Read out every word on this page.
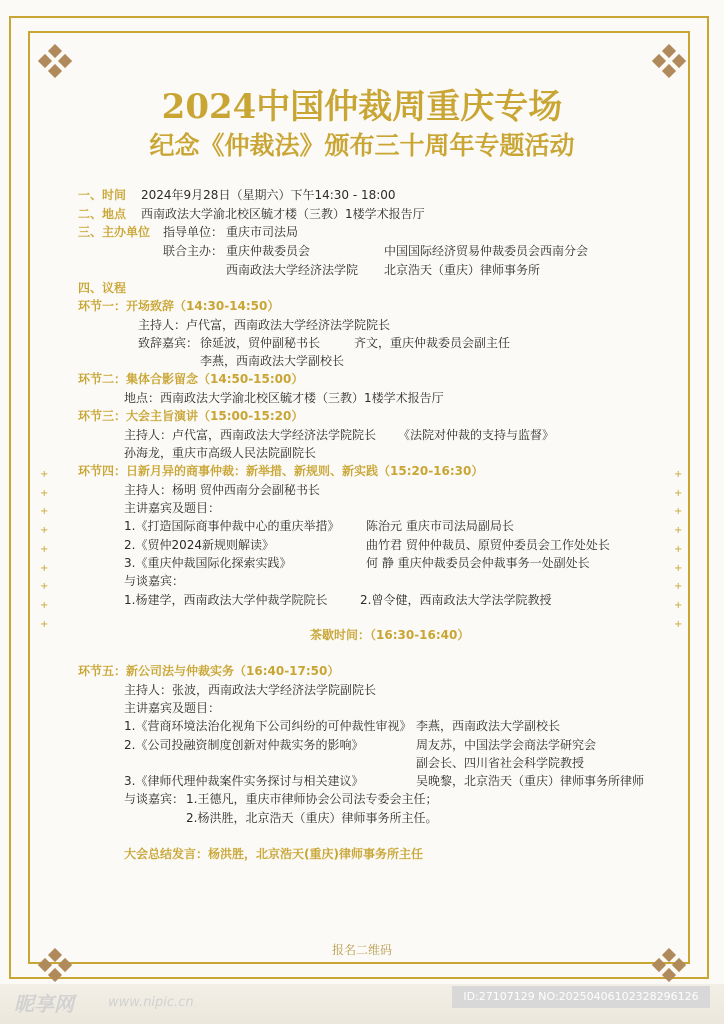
+
+
+
+
+
+
+
+
+
+
+
+
+
+
+
+
+
+
2024中国仲裁周重庆专场
纪念《仲裁法》颁布三十周年专题活动
一、时间 2024年9月28日（星期六）下午14:30 - 18:00
二、地点 西南政法大学渝北校区毓才楼（三教）1楼学术报告厅
三、主办单位 指导单位： 重庆市司法局
联合主办： 重庆仲裁委员会	中国国际经济贸易仲裁委员会西南分会
西南政法大学经济法学院 北京浩天（重庆）律师事务所
四、议程
环节一：开场致辞（14:30-14:50）
主持人：卢代富，西南政法大学经济法学院院长
致辞嘉宾： 徐延波，贸仲副秘书长	齐文，重庆仲裁委员会副主任
李燕，西南政法大学副校长
环节二：集体合影留念（14:50-15:00）
地点：西南政法大学渝北校区毓才楼（三教）1楼学术报告厅
环节三：大会主旨演讲（15:00-15:20）
主持人：卢代富，西南政法大学经济法学院院长 《法院对仲裁的支持与监督》
孙海龙，重庆市高级人民法院副院长
环节四：日新月异的商事仲裁：新举措、新规则、新实践（15:20-16:30）
主持人：杨明 贸仲西南分会副秘书长
主讲嘉宾及题目：
1.《打造国际商事仲裁中心的重庆举措》 陈治元 重庆市司法局副局长
2.《贸仲2024新规则解读》	曲竹君 贸仲仲裁员、原贸仲委员会工作处处长
3.《重庆仲裁国际化探索实践》	何 静 重庆仲裁委员会仲裁事务一处副处长
与谈嘉宾：
1.杨建学，西南政法大学仲裁学院院长	2.曾令健，西南政法大学法学院教授
茶歇时间：（16:30-16:40）
环节五：新公司法与仲裁实务（16:40-17:50）
主持人：张波，西南政法大学经济法学院副院长
主讲嘉宾及题目：
1.《营商环境法治化视角下公司纠纷的可仲裁性审视》 李燕，西南政法大学副校长
2.《公司投融资制度创新对仲裁实务的影响》	周友苏，中国法学会商法学研究会
副会长、四川省社会科学院教授
3.《律师代理仲裁案件实务探讨与相关建议》	吴晚黎，北京浩天（重庆）律师事务所律师
与谈嘉宾： 1.王德凡，重庆市律师协会公司法专委会主任；
2.杨洪胜，北京浩天（重庆）律师事务所主任。
大会总结发言：杨洪胜，北京浩天(重庆)律师事务所主任
报名二维码
昵享网	www.nipic.cn	ID:27107129 NO:20250406102328296126
